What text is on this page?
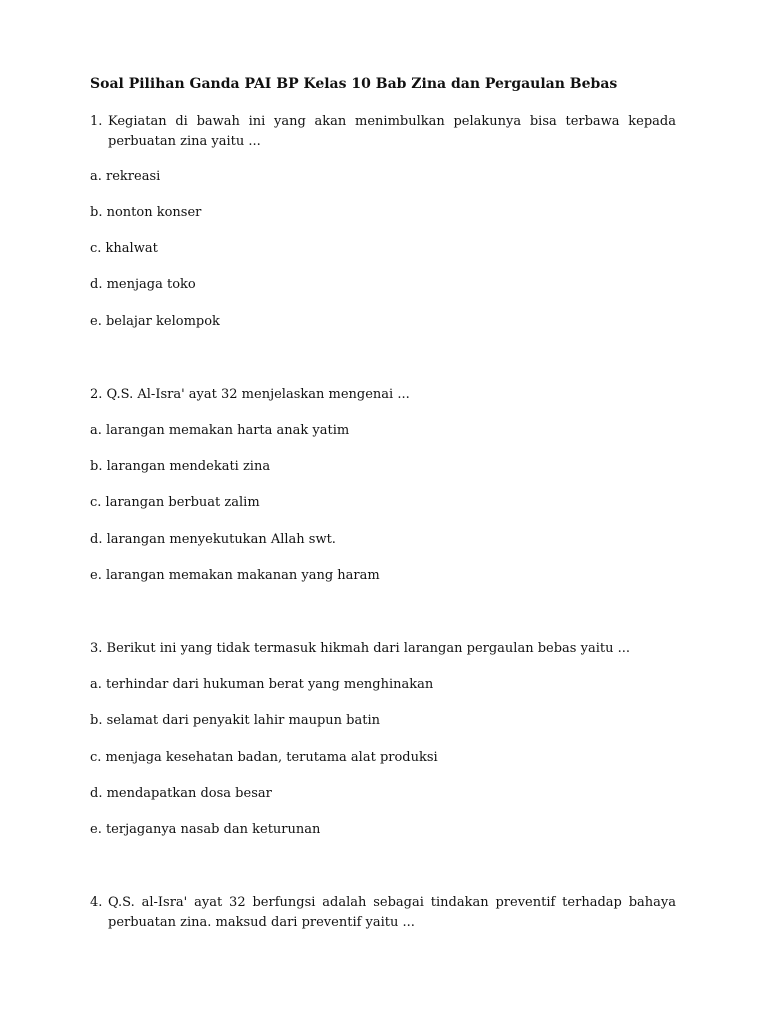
Soal Pilihan Ganda PAI BP Kelas 10 Bab Zina dan Pergaulan Bebas
1. Kegiatan di bawah ini yang akan menimbulkan pelakunya bisa terbawa kepada perbuatan zina yaitu ...
a. rekreasi
b. nonton konser
c. khalwat
d. menjaga toko
e. belajar kelompok
2. Q.S. Al-Isra' ayat 32 menjelaskan mengenai ...
a. larangan memakan harta anak yatim
b. larangan mendekati zina
c. larangan berbuat zalim
d. larangan menyekutukan Allah swt.
e. larangan memakan makanan yang haram
3. Berikut ini yang tidak termasuk hikmah dari larangan pergaulan bebas yaitu ...
a. terhindar dari hukuman berat yang menghinakan
b. selamat dari penyakit lahir maupun batin
c. menjaga kesehatan badan, terutama alat produksi
d. mendapatkan dosa besar
e. terjaganya nasab dan keturunan
4. Q.S. al-Isra' ayat 32 berfungsi adalah sebagai tindakan preventif terhadap bahaya perbuatan zina. maksud dari preventif yaitu ...
